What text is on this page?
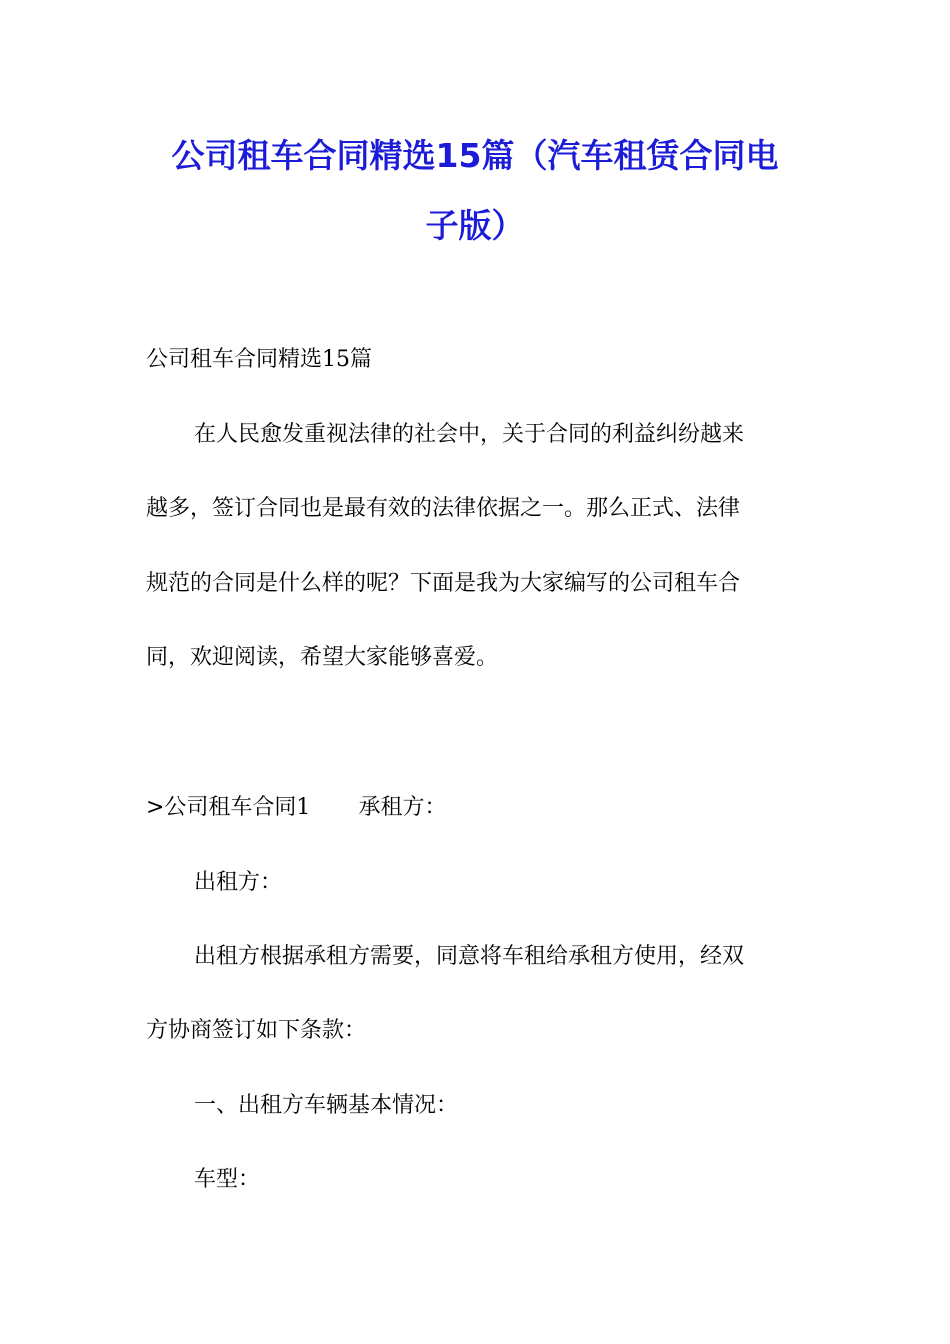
公司租车合同精选15篇（汽车租赁合同电
子版）
公司租车合同精选15篇
在人民愈发重视法律的社会中，关于合同的利益纠纷越来
越多，签订合同也是最有效的法律依据之一。那么正式、法律
规范的合同是什么样的呢？下面是我为大家编写的公司租车合
同，欢迎阅读，希望大家能够喜爱。
>公司租车合同1 承租方：
出租方：
出租方根据承租方需要，同意将车租给承租方使用，经双
方协商签订如下条款：
一、出租方车辆基本情况：
车型：
